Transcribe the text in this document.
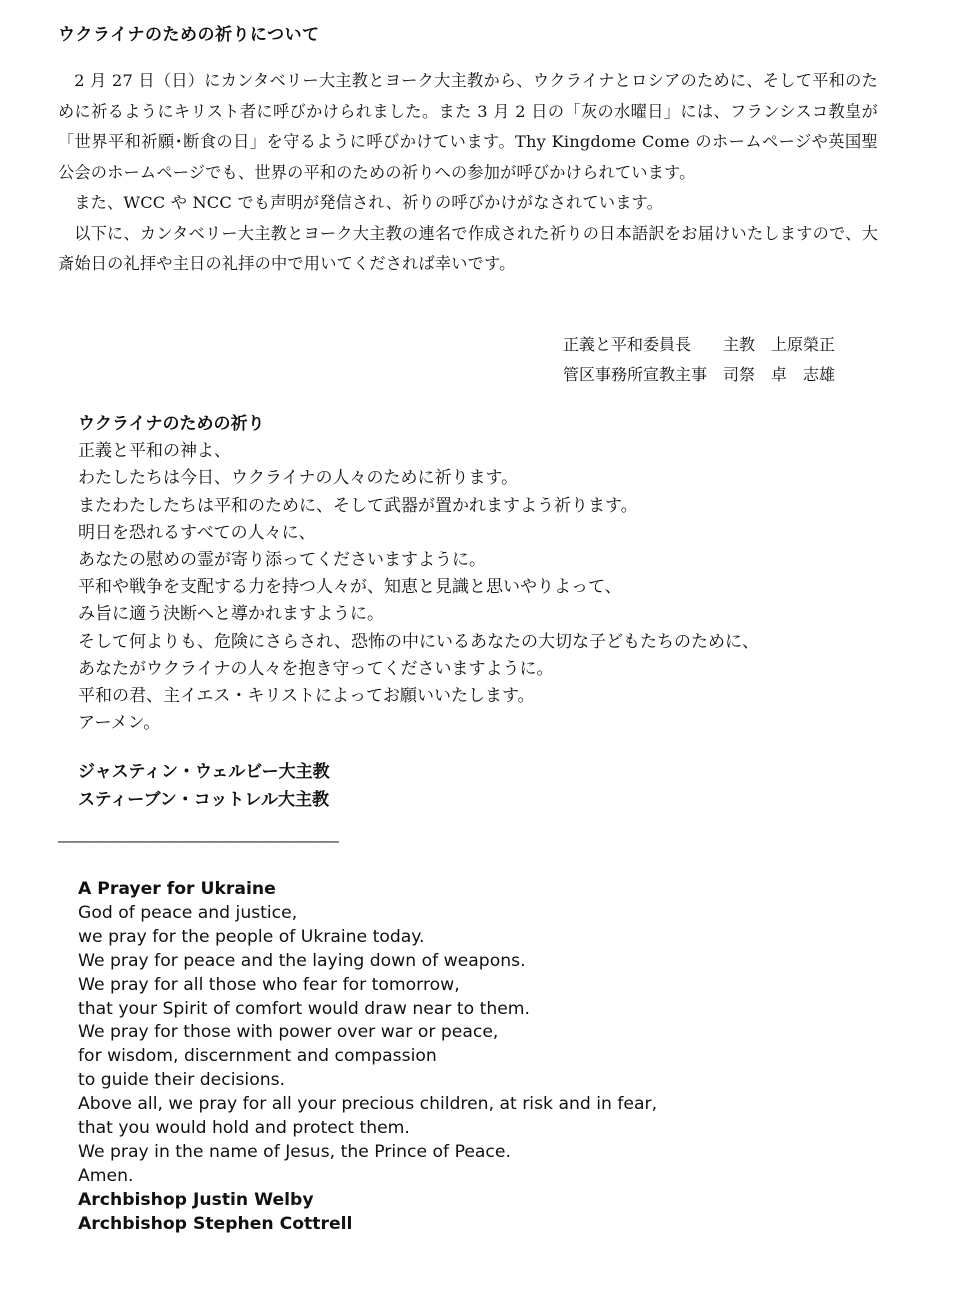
ウクライナのための祈りについて

2 月 27 日（日）にカンタベリー大主教とヨーク大主教から、ウクライナとロシアのために、そして平和のために祈るようにキリスト者に呼びかけられました。また 3 月 2 日の「灰の水曜日」には、フランシスコ教皇が「世界平和祈願･断食の日」を守るように呼びかけています。Thy Kingdome Come のホームページや英国聖公会のホームページでも、世界の平和のための祈りへの参加が呼びかけられています。

また、WCC や NCC でも声明が発信され、祈りの呼びかけがなされています。

以下に、カンタベリー大主教とヨーク大主教の連名で作成された祈りの日本語訳をお届けいたしますので、大斎始日の礼拝や主日の礼拝の中で用いてくだされば幸いです。

正義と平和委員長　　主教　上原榮正
管区事務所宣教主事　司祭　卓　志雄
ウクライナのための祈り
正義と平和の神よ、
わたしたちは今日、ウクライナの人々のために祈ります。
またわたしたちは平和のために、そして武器が置かれますよう祈ります。
明日を恐れるすべての人々に、
あなたの慰めの霊が寄り添ってくださいますように。
平和や戦争を支配する力を持つ人々が、知恵と見識と思いやりよって、
み旨に適う決断へと導かれますように。
そして何よりも、危険にさらされ、恐怖の中にいるあなたの大切な子どもたちのために、
あなたがウクライナの人々を抱き守ってくださいますように。
平和の君、主イエス・キリストによってお願いいたします。
アーメン。
ジャスティン・ウェルビー大主教
スティーブン・コットレル大主教
――――――――――――――――――――
A Prayer for Ukraine
God of peace and justice,
we pray for the people of Ukraine today.
We pray for peace and the laying down of weapons.
We pray for all those who fear for tomorrow,
that your Spirit of comfort would draw near to them.
We pray for those with power over war or peace,
for wisdom, discernment and compassion
to guide their decisions.
Above all, we pray for all your precious children, at risk and in fear,
that you would hold and protect them.
We pray in the name of Jesus, the Prince of Peace.
Amen.
Archbishop Justin Welby
Archbishop Stephen Cottrell
